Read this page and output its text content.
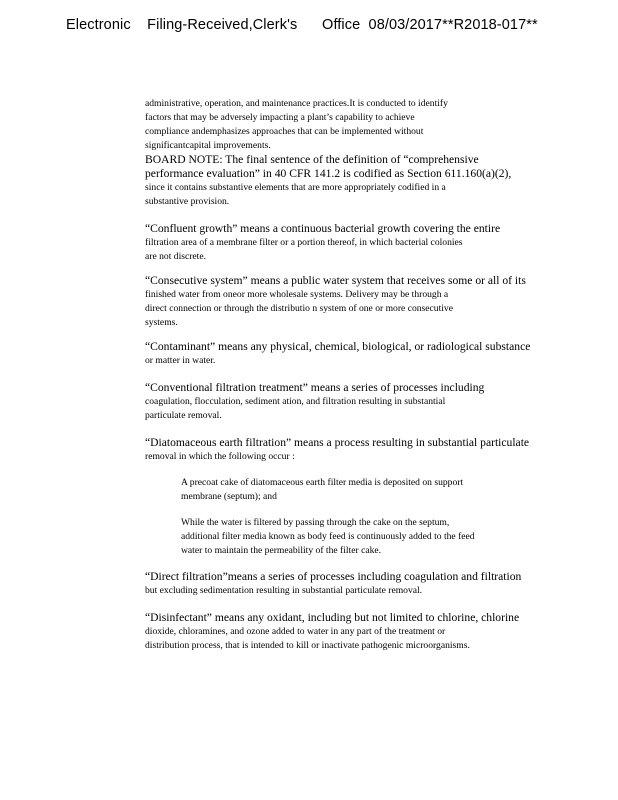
Electronic    Filing-Received,Clerk's      Office  08/03/2017**R2018-017**
administrative, operation, and maintenance practices.It is conducted to identify
factors that may be adversely impacting a plant’s capability to achieve
compliance andemphasizes approaches that can be implemented without
significantcapital improvements.
BOARD NOTE: The final sentence of the definition of “comprehensive
performance evaluation” in 40 CFR 141.2 is codified as Section 611.160(a)(2),
since it contains substantive elements that are more appropriately codified in a
substantive provision.
“Confluent growth” means a continuous bacterial growth covering the entire
filtration area of a membrane filter or a portion thereof, in which bacterial colonies
are not discrete.
“Consecutive system” means a public water system that receives some or all of its
finished water from oneor more wholesale systems. Delivery may be through a
direct connection or through the distributio n system of one or more consecutive
systems.
“Contaminant” means any physical, chemical, biological, or radiological substance
or matter in water.
“Conventional filtration treatment” means a series of processes including
coagulation, flocculation, sediment ation, and filtration resulting in substantial
particulate removal.
“Diatomaceous earth filtration” means a process resulting in substantial particulate
removal in which the following occur :
A precoat cake of diatomaceous earth filter media is deposited on support
membrane (septum); and
While the water is filtered by passing through the cake on the septum,
additional filter media known as body feed is continuously added to the feed
water to maintain the permeability of the filter cake.
“Direct filtration”means a series of processes including coagulation and filtration
but excluding sedimentation resulting in substantial particulate removal.
“Disinfectant” means any oxidant, including but not limited to chlorine, chlorine
dioxide, chloramines, and ozone added to water in any part of the treatment or
distribution process, that is intended to kill or inactivate pathogenic microorganisms.
